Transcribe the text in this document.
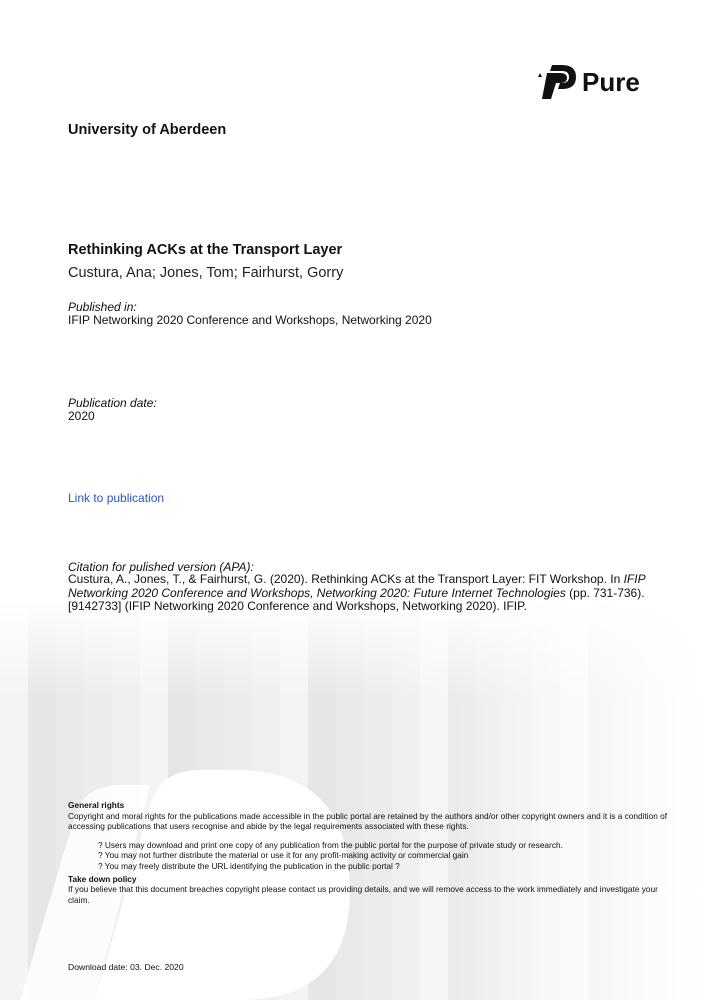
Pure
University of Aberdeen
Rethinking ACKs at the Transport Layer
Custura, Ana; Jones, Tom; Fairhurst, Gorry
Published in:
IFIP Networking 2020 Conference and Workshops, Networking 2020
Publication date:
2020
Link to publication
Citation for pulished version (APA):
Custura, A., Jones, T., & Fairhurst, G. (2020). Rethinking ACKs at the Transport Layer: FIT Workshop. In IFIP Networking 2020 Conference and Workshops, Networking 2020: Future Internet Technologies (pp. 731-736). [9142733] (IFIP Networking 2020 Conference and Workshops, Networking 2020). IFIP.
General rights
Copyright and moral rights for the publications made accessible in the public portal are retained by the authors and/or other copyright owners and it is a condition of accessing publications that users recognise and abide by the legal requirements associated with these rights.
? Users may download and print one copy of any publication from the public portal for the purpose of private study or research.
? You may not further distribute the material or use it for any profit-making activity or commercial gain
? You may freely distribute the URL identifying the publication in the public portal ?
Take down policy
If you believe that this document breaches copyright please contact us providing details, and we will remove access to the work immediately and investigate your claim.
Download date: 03. Dec. 2020
